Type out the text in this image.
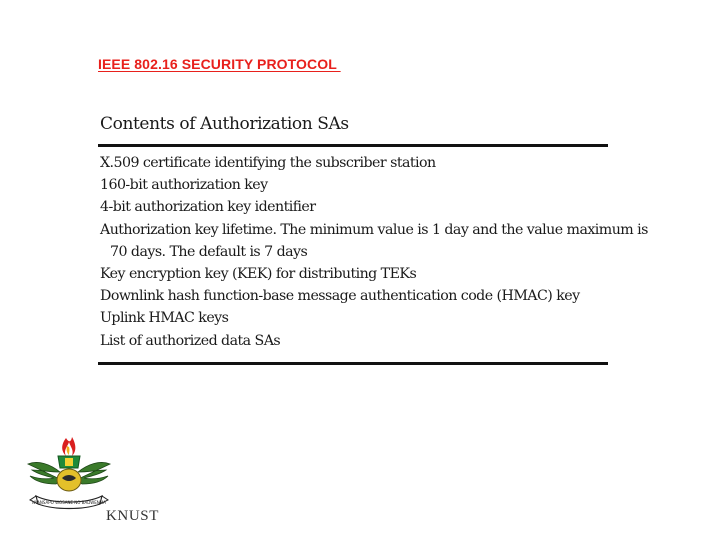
IEEE 802.16 SECURITY PROTOCOL
Contents of Authorization SAs
X.509 certificate identifying the subscriber station
160-bit authorization key
4-bit authorization key identifier
Authorization key lifetime. The minimum value is 1 day and the value maximum is
70 days. The default is 7 days
Key encryption key (KEK) for distributing TEKs
Downlink hash function-base message authentication code (HMAC) key
Uplink HMAC keys
List of authorized data SAs
NYANSAPO WOSANE NO BADWENMA
KNUST
